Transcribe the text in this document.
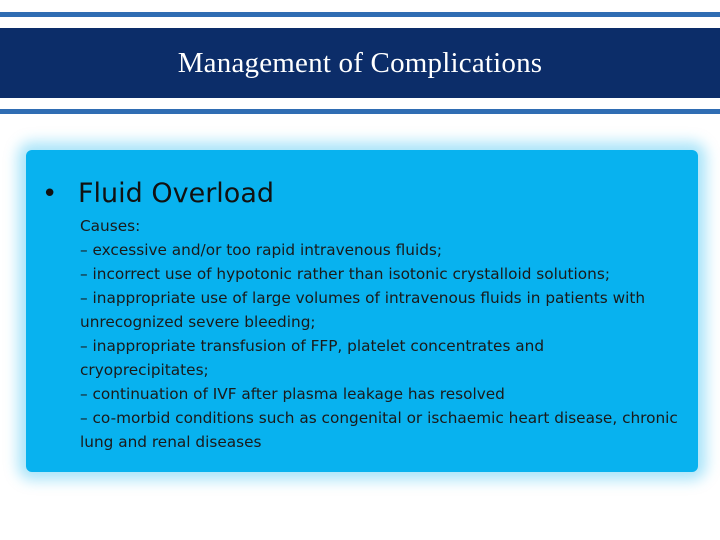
Management of Complications
• Fluid Overload
Causes:
– excessive and/or too rapid intravenous fluids;
– incorrect use of hypotonic rather than isotonic crystalloid solutions;
– inappropriate use of large volumes of intravenous fluids in patients with
unrecognized severe bleeding;
– inappropriate transfusion of FFP, platelet concentrates and
cryoprecipitates;
– continuation of IVF after plasma leakage has resolved
– co-morbid conditions such as congenital or ischaemic heart disease, chronic
lung and renal diseases
